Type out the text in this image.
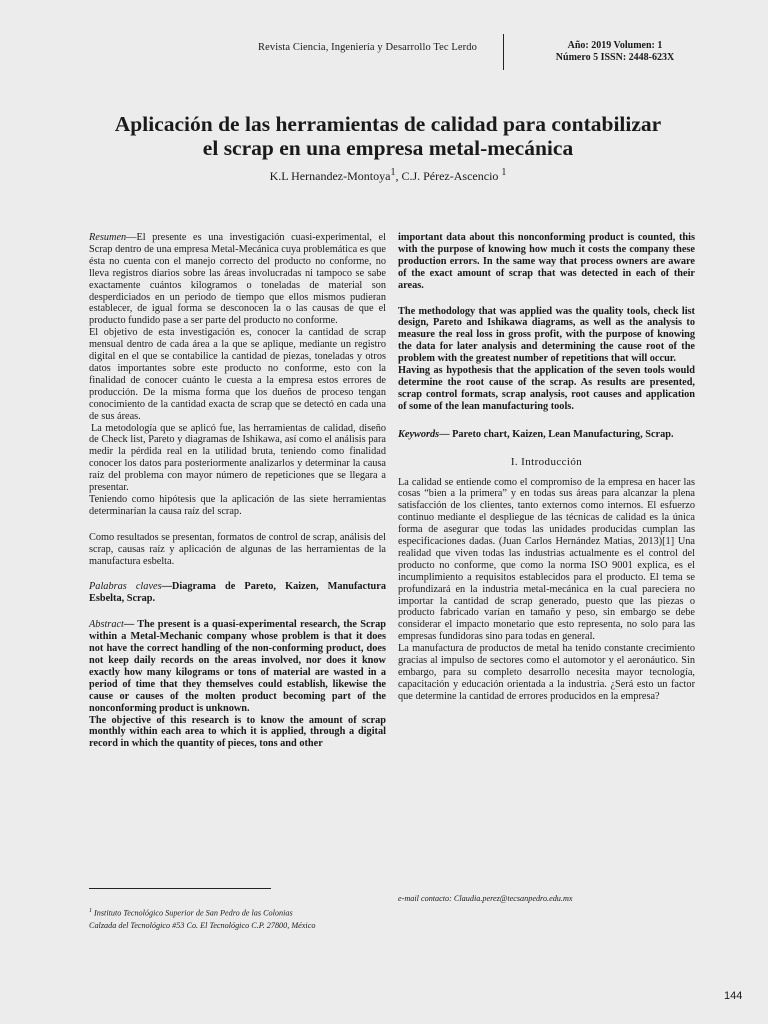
Revista Ciencia, Ingeniería y Desarrollo Tec Lerdo	Año: 2019 Volumen: 1
Número 5 ISSN: 2448-623X
Aplicación de las herramientas de calidad para contabilizar
el scrap en una empresa metal-mecánica
K.L Hernandez-Montoya$^1$, C.J. Pérez-Ascencio $^1$

Resumen—El presente es una investigación cuasi-experimental, el Scrap dentro de una empresa Metal-Mecánica cuya problemática es que ésta no cuenta con el manejo correcto del producto no conforme, no lleva registros diarios sobre las áreas involucradas ni tampoco se sabe exactamente cuántos kilogramos o toneladas de material son desperdiciados en un periodo de tiempo que ellos mismos pudieran establecer, de igual forma se desconocen la o las causas de que el producto fundido pase a ser parte del producto no conforme.

El objetivo de esta investigación es, conocer la cantidad de scrap mensual dentro de cada área a la que se aplique, mediante un registro digital en el que se contabilice la cantidad de piezas, toneladas y otros datos importantes sobre este producto no conforme, esto con la finalidad de conocer cuánto le cuesta a la empresa estos errores de producción. De la misma forma que los dueños de proceso tengan conocimiento de la cantidad exacta de scrap que se detectó en cada una de sus áreas.

La metodología que se aplicó fue, las herramientas de calidad, diseño de Check list, Pareto y diagramas de Ishikawa, así como el análisis para medir la pérdida real en la utilidad bruta, teniendo como finalidad conocer los datos para posteriormente analizarlos y determinar la causa raíz del problema con mayor número de repeticiones que se llegara a presentar.

Teniendo como hipótesis que la aplicación de las siete herramientas determinarían la causa raíz del scrap.

Como resultados se presentan, formatos de control de scrap, análisis del scrap, causas raíz y aplicación de algunas de las herramientas de la manufactura esbelta.

Palabras claves—Diagrama de Pareto, Kaizen, Manufactura Esbelta, Scrap.

Abstract— The present is a quasi-experimental research, the Scrap within a Metal-Mechanic company whose problem is that it does not have the correct handling of the non-conforming product, does not keep daily records on the areas involved, nor does it know exactly how many kilograms or tons of material are wasted in a period of time that they themselves could establish, likewise the cause or causes of the molten product becoming part of the nonconforming product is unknown.

The objective of this research is to know the amount of scrap monthly within each area to which it is applied, through a digital record in which the quantity of pieces, tons and other

important data about this nonconforming product is counted, this with the purpose of knowing how much it costs the company these production errors. In the same way that process owners are aware of the exact amount of scrap that was detected in each of their areas.

The methodology that was applied was the quality tools, check list design, Pareto and Ishikawa diagrams, as well as the analysis to measure the real loss in gross profit, with the purpose of knowing the data for later analysis and determining the cause root of the problem with the greatest number of repetitions that will occur.

Having as hypothesis that the application of the seven tools would determine the root cause of the scrap. As results are presented, scrap control formats, scrap analysis, root causes and application of some of the lean manufacturing tools.

Keywords— Pareto chart, Kaizen, Lean Manufacturing, Scrap.

I. Introducción

La calidad se entiende como el compromiso de la empresa en hacer las cosas “bien a la primera” y en todas sus áreas para alcanzar la plena satisfacción de los clientes, tanto externos como internos. El esfuerzo continuo mediante el despliegue de las técnicas de calidad es la única forma de asegurar que todas las unidades producidas cumplan las especificaciones dadas. (Juan Carlos Hernández Matias, 2013)[1] Una realidad que viven todas las industrias actualmente es el control del producto no conforme, que como la norma ISO 9001 explica, es el incumplimiento a requisitos establecidos para el producto. El tema se profundizará en la industria metal-mecánica en la cual pareciera no importar la cantidad de scrap generado, puesto que las piezas o producto fabricado varían en tamaño y peso, sin embargo se debe considerar el impacto monetario que esto representa, no solo para las empresas fundidoras sino para todas en general.

La manufactura de productos de metal ha tenido constante crecimiento gracias al impulso de sectores como el automotor y el aeronáutico. Sin embargo, para su completo desarrollo necesita mayor tecnología, capacitación y educación orientada a la industria. ¿Será esto un factor que determine la cantidad de errores producidos en la empresa?

$^1$ Instituto Tecnológico Superior de San Pedro de las Colonias
Calzada del Tecnológico #53 Co. El Tecnológico C.P. 27800, México
e-mail contacto: Claudia.perez@tecsanpedro.edu.mx
144
